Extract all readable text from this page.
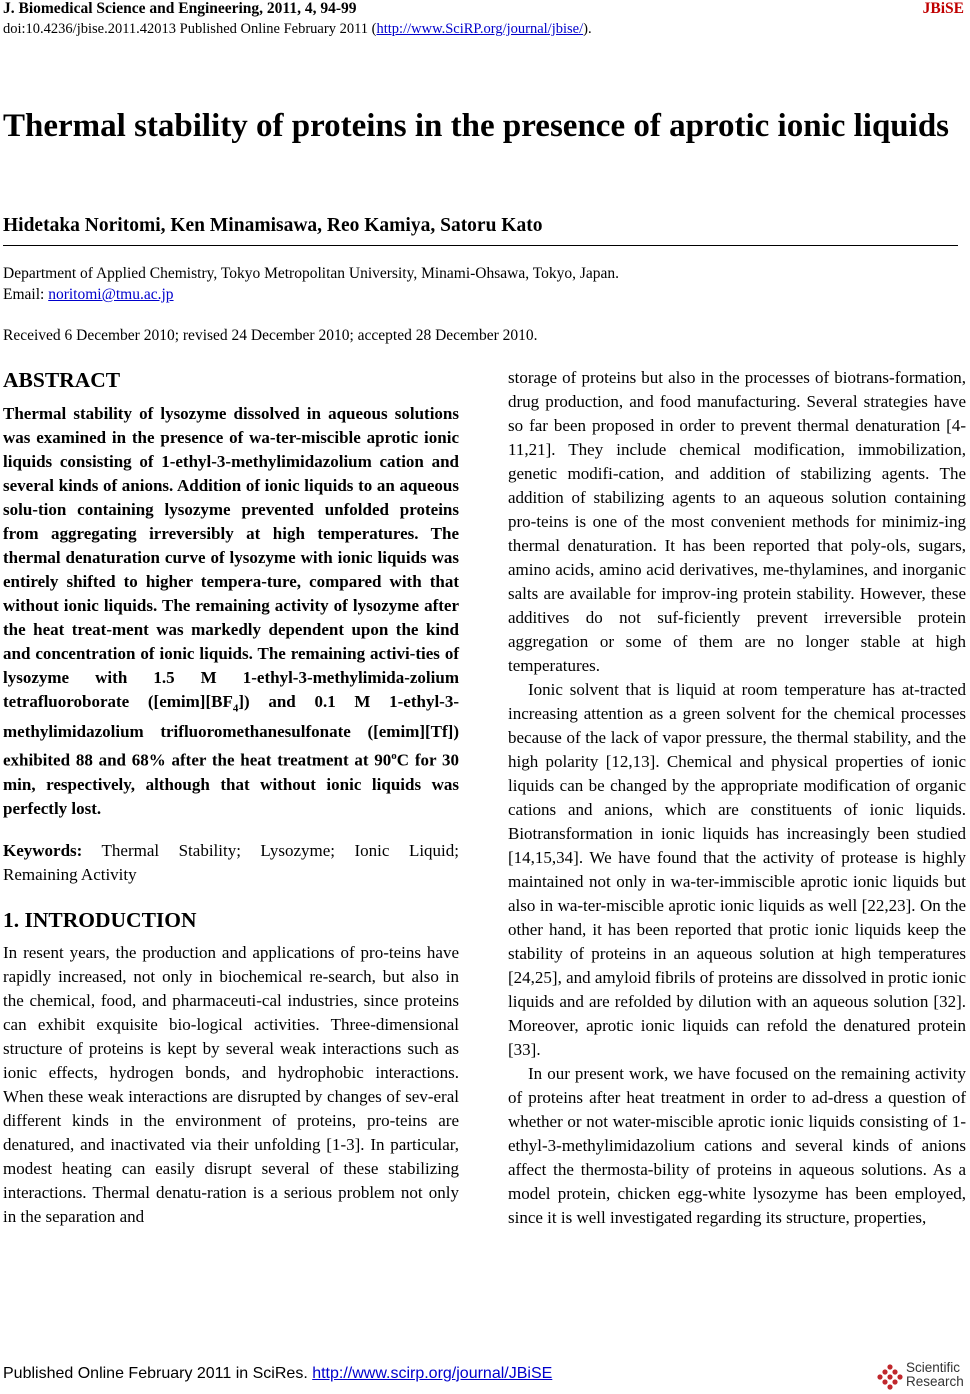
J. Biomedical Science and Engineering, 2011, 4, 94-99	JBiSE
doi:10.4236/jbise.2011.42013 Published Online February 2011 (http://www.SciRP.org/journal/jbise/).
Thermal stability of proteins in the presence of aprotic ionic liquids
Hidetaka Noritomi, Ken Minamisawa, Reo Kamiya, Satoru Kato
Department of Applied Chemistry, Tokyo Metropolitan University, Minami-Ohsawa, Tokyo, Japan.
Email: noritomi@tmu.ac.jp
Received 6 December 2010; revised 24 December 2010; accepted 28 December 2010.
ABSTRACT

Thermal stability of lysozyme dissolved in aqueous solutions was examined in the presence of wa-ter-miscible aprotic ionic liquids consisting of 1-ethyl-3-methylimidazolium cation and several kinds of anions. Addition of ionic liquids to an aqueous solu-tion containing lysozyme prevented unfolded proteins from aggregating irreversibly at high temperatures. The thermal denaturation curve of lysozyme with ionic liquids was entirely shifted to higher tempera-ture, compared with that without ionic liquids. The remaining activity of lysozyme after the heat treat-ment was markedly dependent upon the kind and concentration of ionic liquids. The remaining activi-ties of lysozyme with 1.5 M 1-ethyl-3-methylimida-zolium tetrafluoroborate $([emim][BF_4])$ and 0.1 M 1-ethyl-3-methylimidazolium trifluoromethanesulfonate ([emim][Tf]) exhibited 88 and 68% after the heat treatment at 90$^o$C for 30 min, respectively, although that without ionic liquids was perfectly lost.

Keywords: Thermal Stability; Lysozyme; Ionic Liquid; Remaining Activity

1. INTRODUCTION

In resent years, the production and applications of pro-teins have rapidly increased, not only in biochemical re-search, but also in the chemical, food, and pharmaceuti-cal industries, since proteins can exhibit exquisite bio-logical activities. Three-dimensional structure of proteins is kept by several weak interactions such as ionic effects, hydrogen bonds, and hydrophobic interactions. When these weak interactions are disrupted by changes of sev-eral different kinds in the environment of proteins, pro-teins are denatured, and inactivated via their unfolding [1-3]. In particular, modest heating can easily disrupt several of these stabilizing interactions. Thermal denatu-ration is a serious problem not only in the separation and

storage of proteins but also in the processes of biotrans-formation, drug production, and food manufacturing. Several strategies have so far been proposed in order to prevent thermal denaturation [4-11,21]. They include chemical modification, immobilization, genetic modifi-cation, and addition of stabilizing agents. The addition of stabilizing agents to an aqueous solution containing pro-teins is one of the most convenient methods for minimiz-ing thermal denaturation. It has been reported that poly-ols, sugars, amino acids, amino acid derivatives, me-thylamines, and inorganic salts are available for improv-ing protein stability. However, these additives do not suf-ficiently prevent irreversible protein aggregation or some of them are no longer stable at high temperatures.

Ionic solvent that is liquid at room temperature has at-tracted increasing attention as a green solvent for the chemical processes because of the lack of vapor pressure, the thermal stability, and the high polarity [12,13]. Chemical and physical properties of ionic liquids can be changed by the appropriate modification of organic cations and anions, which are constituents of ionic liquids. Biotransformation in ionic liquids has increasingly been studied [14,15,34]. We have found that the activity of protease is highly maintained not only in wa-ter-immiscible aprotic ionic liquids but also in wa-ter-miscible aprotic ionic liquids as well [22,23]. On the other hand, it has been reported that protic ionic liquids keep the stability of proteins in an aqueous solution at high temperatures [24,25], and amyloid fibrils of proteins are dissolved in protic ionic liquids and are refolded by dilution with an aqueous solution [32]. Moreover, aprotic ionic liquids can refold the denatured protein [33].

In our present work, we have focused on the remaining activity of proteins after heat treatment in order to ad-dress a question of whether or not water-miscible aprotic ionic liquids consisting of 1-ethyl-3-methylimidazolium cations and several kinds of anions affect the thermosta-bility of proteins in aqueous solutions. As a model protein, chicken egg-white lysozyme has been employed, since it is well investigated regarding its structure, properties,

Published Online February 2011 in SciRes. http://www.scirp.org/journal/JBiSE	Scientific
Research
